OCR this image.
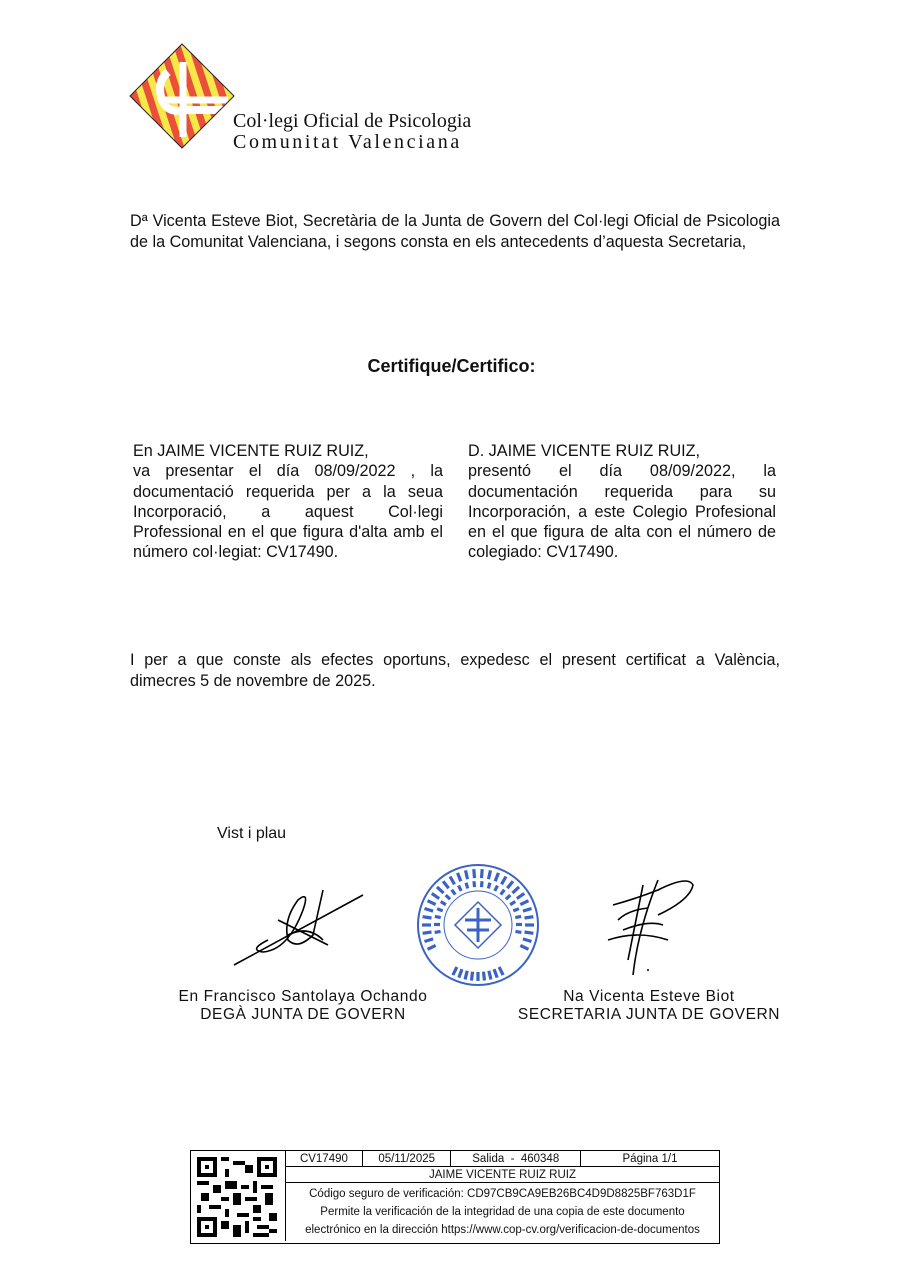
Col·legi Oficial de Psicologia
Comunitat Valenciana
Dª Vicenta Esteve Biot, Secretària de la Junta de Govern del Col·legi Oficial de Psicologia de la Comunitat Valenciana, i segons consta en els antecedents d’aquesta Secretaria,
Certifique/Certifico:
En JAIME VICENTE RUIZ RUIZ,
va presentar el día 08/09/2022 , la documentació requerida per a la seua Incorporació, a aquest Col·legi Professional en el que figura d'alta amb el número col·legiat: CV17490.
D. JAIME VICENTE RUIZ RUIZ,
presentó el día 08/09/2022, la documentación requerida para su Incorporación, a este Colegio Profesional en el que figura de alta con el número de colegiado: CV17490.
I per a que conste als efectes oportuns, expedesc el present certificat a València, dimecres 5 de novembre de 2025.
Vist i plau
En Francisco Santolaya Ochando
DEGÀ JUNTA DE GOVERN
Na Vicenta Esteve Biot
SECRETARIA JUNTA DE GOVERN
CV17490	05/11/2025	Salida  -  460348	Página 1/1
JAIME VICENTE RUIZ RUIZ

Código seguro de verificación: CD97CB9CA9EB26BC4D9D8825BF763D1F
Permite la verificación de la integridad de una copia de este documento
electrónico en la dirección https://www.cop-cv.org/verificacion-de-documentos
